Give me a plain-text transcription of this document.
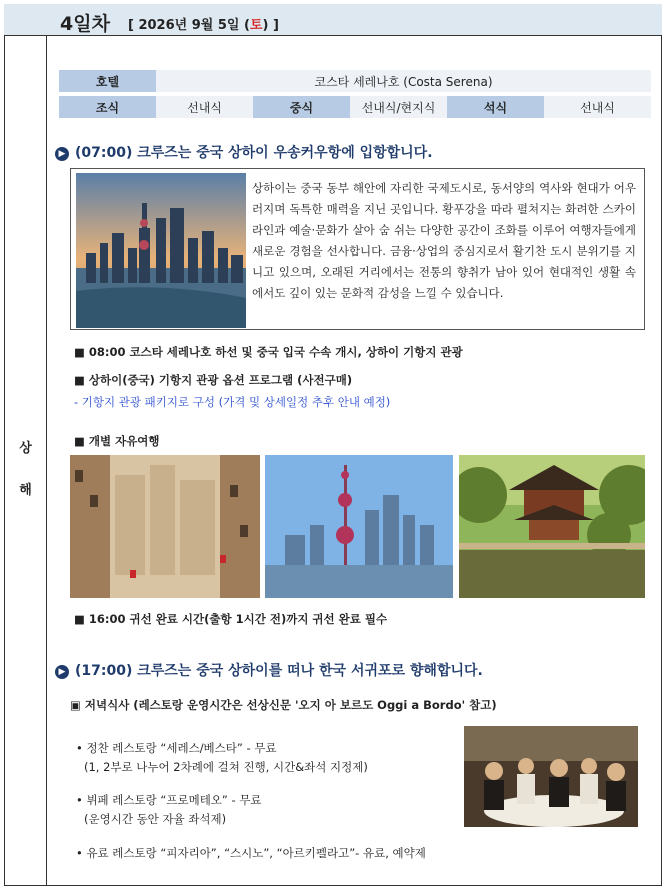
4일차 [ 2026년 9월 5일 (토) ]
상
해
호텔	코스타 세레나호 (Costa Serena)				
조식	선내식	중식	선내식/현지식	석식	선내식
▶ (07:00) 크루즈는 중국 상하이 우송커우항에 입항합니다.
상하이는 중국 동부 해안에 자리한 국제도시로, 동서양의 역사와 현대가 어우러지며 독특한 매력을 지닌 곳입니다. 황푸강을 따라 펼쳐지는 화려한 스카이라인과 예술·문화가 살아 숨 쉬는 다양한 공간이 조화를 이루어 여행자들에게 새로운 경험을 선사합니다. 금융·상업의 중심지로서 활기찬 도시 분위기를 지니고 있으며, 오래된 거리에서는 전통의 향취가 남아 있어 현대적인 생활 속에서도 깊이 있는 문화적 감성을 느낄 수 있습니다.
■ 08:00 코스타 세레나호 하선 및 중국 입국 수속 개시, 상하이 기항지 관광
■ 상하이(중국) 기항지 관광 옵션 프로그램 (사전구매)
- 기항지 관광 패키지로 구성 (가격 및 상세일정 추후 안내 예정)
■ 개별 자유여행
■ 16:00 귀선 완료 시간(출항 1시간 전)까지 귀선 완료 필수
▶ (17:00) 크루즈는 중국 상하이를 떠나 한국 서귀포로 향해합니다.
▣ 저녁식사 (레스토랑 운영시간은 선상신문 '오지 아 보르도 Oggi a Bordo' 참고)
• 정찬 레스토랑 “세레스/베스타” - 무료
(1, 2부로 나누어 2차례에 걸쳐 진행, 시간&좌석 지정제)
• 뷔페 레스토랑 “프로메테오” - 무료
(운영시간 동안 자율 좌석제)
• 유료 레스토랑 “피자리아”, “스시노”, “아르키펠라고”- 유료, 예약제
